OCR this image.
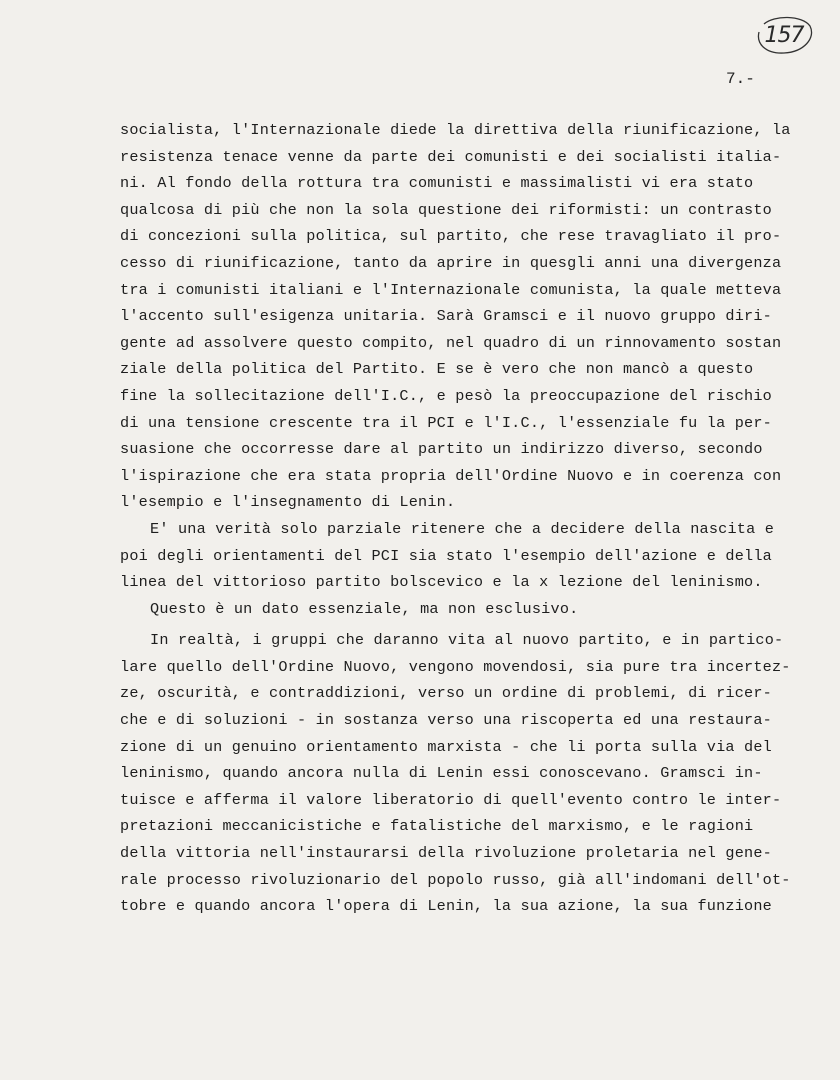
157
7.-
socialista, l'Internazionale diede la direttiva della riunificazione, la
resistenza tenace venne da parte dei comunisti e dei socialisti italia-
ni. Al fondo della rottura tra comunisti e massimalisti vi era stato
qualcosa di più che non la sola questione dei riformisti: un contrasto
di concezioni sulla politica, sul partito, che rese travagliato il pro-
cesso di riunificazione, tanto da aprire in quesgli anni una divergenza
tra i comunisti italiani e l'Internazionale comunista, la quale metteva
l'accento sull'esigenza unitaria. Sarà Gramsci e il nuovo gruppo diri-
gente ad assolvere questo compito, nel quadro di un rinnovamento sostan
ziale della politica del Partito. E se è vero che non mancò a questo
fine la sollecitazione dell'I.C., e pesò la preoccupazione del rischio
di una tensione crescente tra il PCI e l'I.C., l'essenziale fu la per-
suasione che occorresse dare al partito un indirizzo diverso, secondo
l'ispirazione che era stata propria dell'Ordine Nuovo e in coerenza con
l'esempio e l'insegnamento di Lenin.
E' una verità solo parziale ritenere che a decidere della nascita e
poi degli orientamenti del PCI sia stato l'esempio dell'azione e della
linea del vittorioso partito bolscevico e la x lezione del leninismo.
Questo è un dato essenziale, ma non esclusivo.
In realtà, i gruppi che daranno vita al nuovo partito, e in partico-
lare quello dell'Ordine Nuovo, vengono movendosi, sia pure tra incertez-
ze, oscurità, e contraddizioni, verso un ordine di problemi, di ricer-
che e di soluzioni - in sostanza verso una riscoperta ed una restaura-
zione di un genuino orientamento marxista - che li porta sulla via del
leninismo, quando ancora nulla di Lenin essi conoscevano. Gramsci in-
tuisce e afferma il valore liberatorio di quell'evento contro le inter-
pretazioni meccanicistiche e fatalistiche del marxismo, e le ragioni
della vittoria nell'instaurarsi della rivoluzione proletaria nel gene-
rale processo rivoluzionario del popolo russo, già all'indomani dell'ot-
tobre e quando ancora l'opera di Lenin, la sua azione, la sua funzione
